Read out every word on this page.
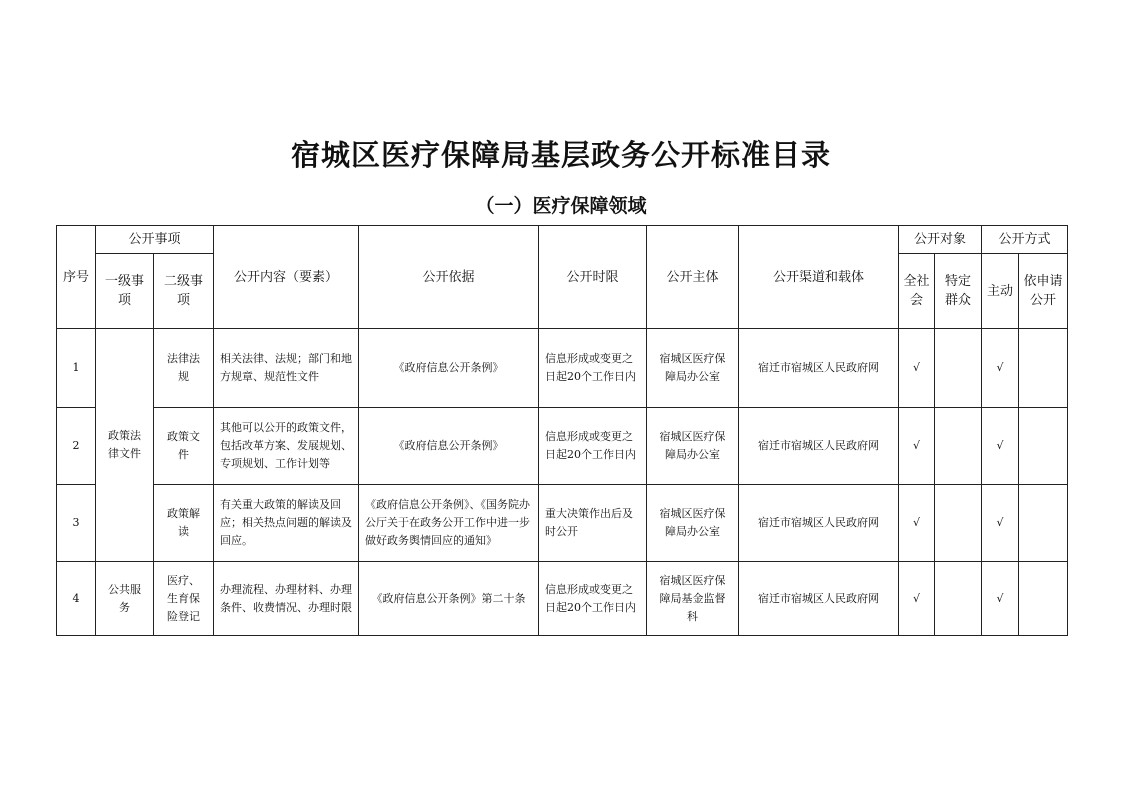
宿城区医疗保障局基层政务公开标准目录
（一）医疗保障领域
序号	公开事项		公开内容（要素）	公开依据	公开时限	公开主体	公开渠道和载体	公开对象		公开方式	
	一级事项	二级事项						全社会	特定群众	主动	依申请公开
1	政策法律文件	法律法规	相关法律、法规；部门和地方规章、规范性文件	《政府信息公开条例》	信息形成或变更之日起20个工作日内	宿城区医疗保障局办公室	宿迁市宿城区人民政府网	√		√	
2		政策文件	其他可以公开的政策文件，包括改革方案、发展规划、专项规划、工作计划等	《政府信息公开条例》	信息形成或变更之日起20个工作日内	宿城区医疗保障局办公室	宿迁市宿城区人民政府网	√		√	
3		政策解读	有关重大政策的解读及回应；相关热点问题的解读及回应。	《政府信息公开条例》、《国务院办公厅关于在政务公开工作中进一步做好政务舆情回应的通知》	重大决策作出后及时公开	宿城区医疗保障局办公室	宿迁市宿城区人民政府网	√		√	
4	公共服务	医疗、生育保险登记	办理流程、办理材料、办理条件、收费情况、办理时限	《政府信息公开条例》第二十条	信息形成或变更之日起20个工作日内	宿城区医疗保障局基金监督科	宿迁市宿城区人民政府网	√		√	
